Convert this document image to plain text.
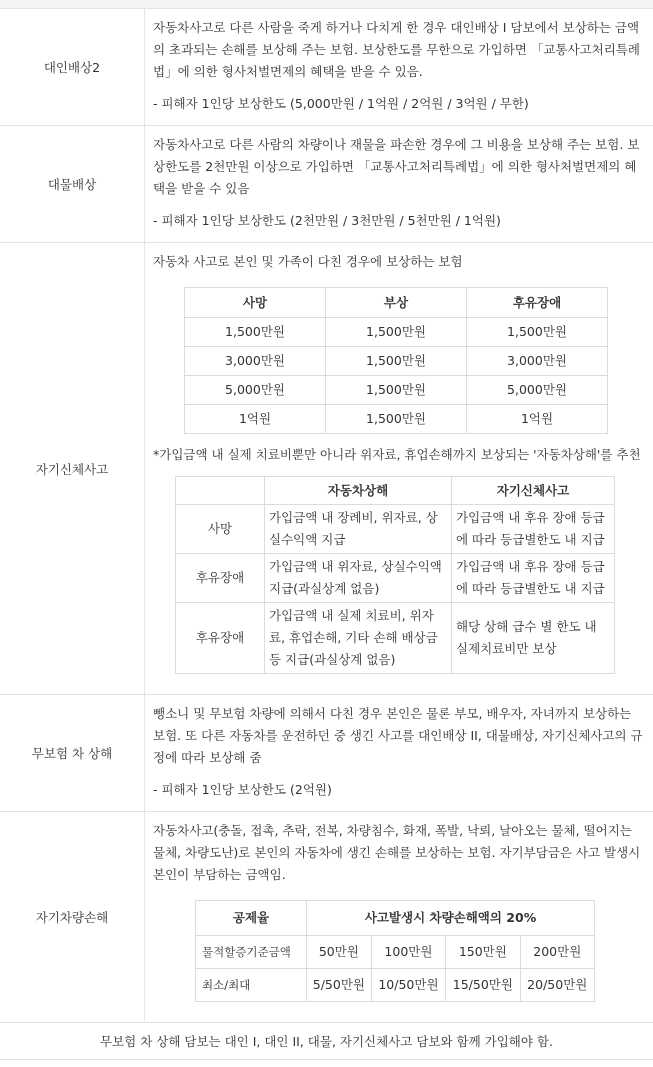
대인배상2	

자동차사고로 다른 사람을 죽게 하거나 다치게 한 경우 대인배상 I 담보에서 보상하는 금액의 초과되는 손해를 보상해 주는 보험. 보상한도를 무한으로 가입하면 「교통사고처리특례법」에 의한 형사처벌면제의 혜택을 받을 수 있음.

- 피해자 1인당 보상한도 (5,000만원 / 1억원 / 2억원 / 3억원 / 무한)

대물배상	

자동차사고로 다른 사람의 차량이나 재물을 파손한 경우에 그 비용을 보상해 주는 보험. 보상한도를 2천만원 이상으로 가입하면 「교통사고처리특례법」에 의한 형사처벌면제의 혜택을 받을 수 있음

- 피해자 1인당 보상한도 (2천만원 / 3천만원 / 5천만원 / 1억원)

자기신체사고	

자동차 사고로 본인 및 가족이 다친 경우에 보상하는 보험

사망	부상	후유장애
1,500만원	1,500만원	1,500만원
3,000만원	1,500만원	3,000만원
5,000만원	1,500만원	5,000만원
1억원	1,500만원	1억원

*가입금액 내 실제 치료비뿐만 아니라 위자료, 휴업손해까지 보상되는 '자동차상해'를 추천

	자동차상해	자기신체사고
사망	가입금액 내 장례비, 위자료, 상실수익액 지급	가입금액 내 후유 장애 등급에 따라 등급별한도 내 지급
후유장애	가입금액 내 위자료, 상실수익액 지급(과실상계 없음)	가입금액 내 후유 장애 등급에 따라 등급별한도 내 지급
후유장애	가입금액 내 실제 치료비, 위자료, 휴업손해, 기타 손해 배상금 등 지급(과실상계 없음)	해당 상해 급수 별 한도 내 실제치료비만 보상

무보험 차 상해	

뺑소니 및 무보험 차량에 의해서 다친 경우 본인은 물론 부모, 배우자, 자녀까지 보상하는 보험. 또 다른 자동차를 운전하던 중 생긴 사고를 대인배상 II, 대물배상, 자기신체사고의 규정에 따라 보상해 줌

- 피해자 1인당 보상한도 (2억원)

자기차량손해	

자동차사고(충돌, 접촉, 추락, 전복, 차량침수, 화재, 폭발, 낙뢰, 날아오는 물체, 떨어지는 물체, 차량도난)로 본인의 자동차에 생긴 손해를 보상하는 보험. 자기부담금은 사고 발생시 본인이 부담하는 금액임.

공제율	사고발생시 차량손해액의 20%
물적할증기준금액	50만원	100만원	150만원	200만원
최소/최대	5/50만원	10/50만원	15/50만원	20/50만원

무보험 차 상해 담보는 대인 I, 대인 II, 대물, 자기신체사고 담보와 함께 가입해야 함.
